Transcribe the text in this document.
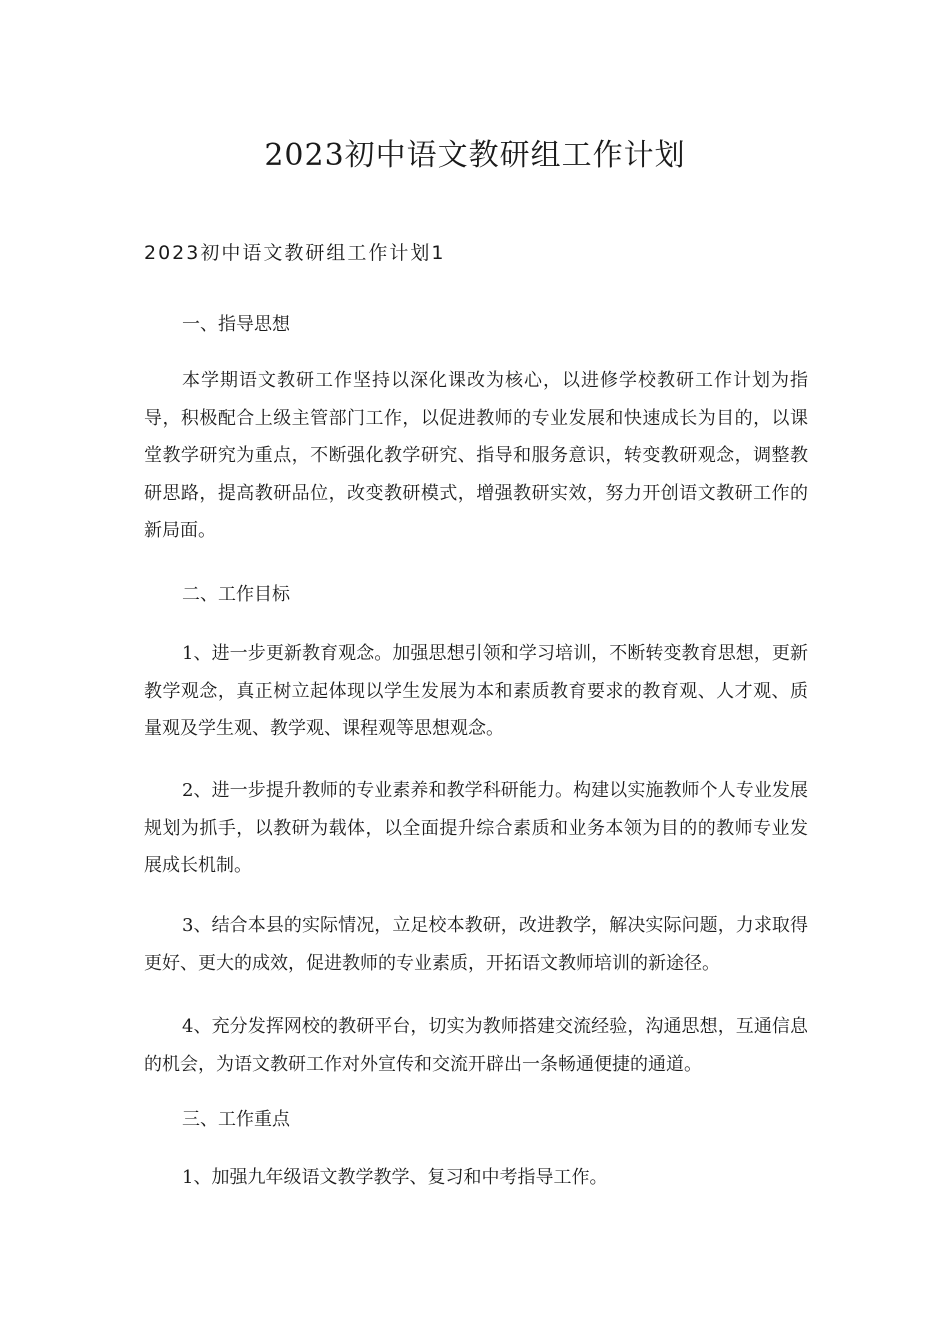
2023初中语文教研组工作计划

2023初中语文教研组工作计划1

一、指导思想

本学期语文教研工作坚持以深化课改为核心，以进修学校教研工作计划为指导，积极配合上级主管部门工作，以促进教师的专业发展和快速成长为目的，以课堂教学研究为重点，不断强化教学研究、指导和服务意识，转变教研观念，调整教研思路，提高教研品位，改变教研模式，增强教研实效，努力开创语文教研工作的新局面。

二、工作目标

1、进一步更新教育观念。加强思想引领和学习培训，不断转变教育思想，更新教学观念，真正树立起体现以学生发展为本和素质教育要求的教育观、人才观、质量观及学生观、教学观、课程观等思想观念。

2、进一步提升教师的专业素养和教学科研能力。构建以实施教师个人专业发展规划为抓手，以教研为载体，以全面提升综合素质和业务本领为目的的教师专业发展成长机制。

3、结合本县的实际情况，立足校本教研，改进教学，解决实际问题，力求取得更好、更大的成效，促进教师的专业素质，开拓语文教师培训的新途径。

4、充分发挥网校的教研平台，切实为教师搭建交流经验，沟通思想，互通信息的机会，为语文教研工作对外宣传和交流开辟出一条畅通便捷的通道。

三、工作重点

1、加强九年级语文教学教学、复习和中考指导工作。
